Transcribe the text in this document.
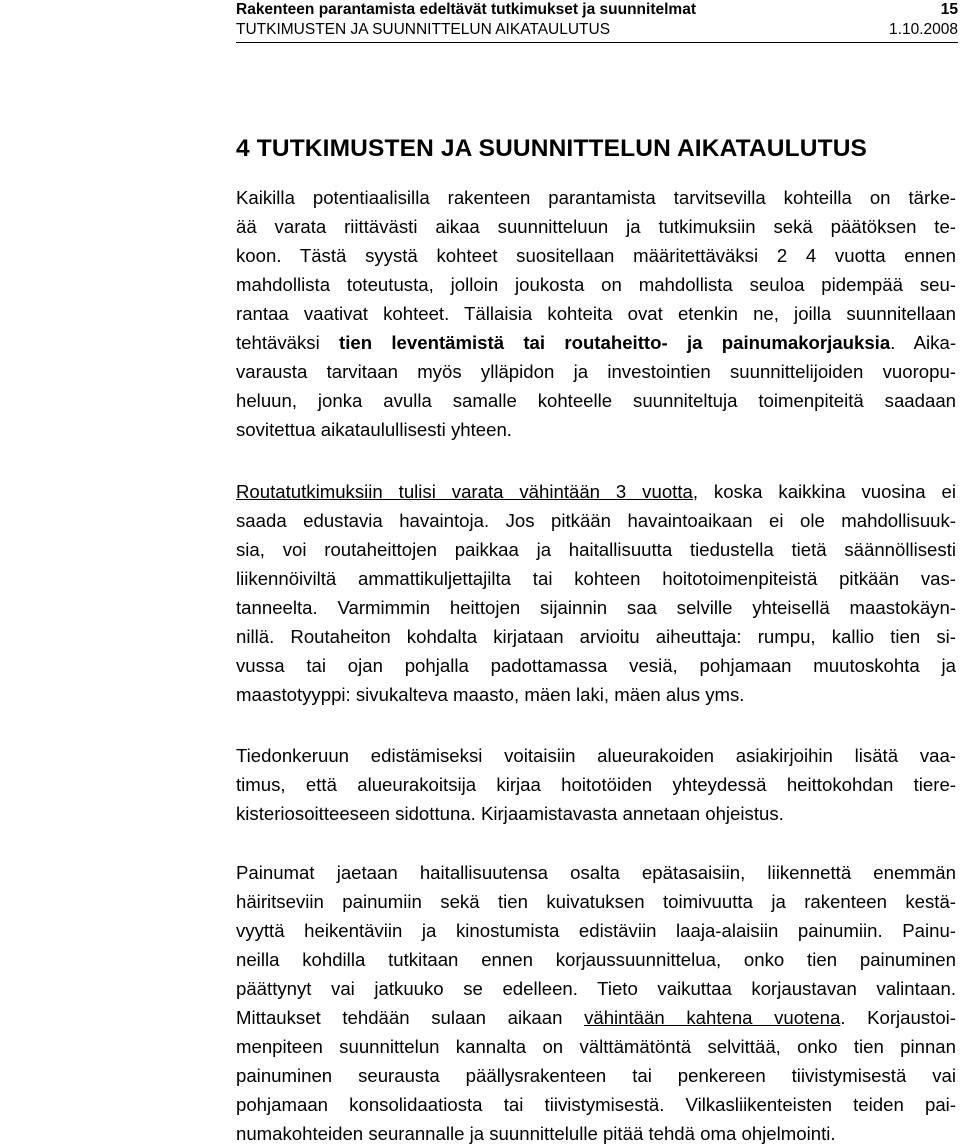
Rakenteen parantamista edeltävät tutkimukset ja suunnitelmat	15
TUTKIMUSTEN JA SUUNNITTELUN AIKATAULUTUS	1.10.2008
4 TUTKIMUSTEN JA SUUNNITTELUN AIKATAULUTUS
Kaikilla potentiaalisilla rakenteen parantamista tarvitsevilla kohteilla on tärke-
ää varata riittävästi aikaa suunnitteluun ja tutkimuksiin sekä päätöksen te-
koon. Tästä syystä kohteet suositellaan määritettäväksi 2 4 vuotta ennen
mahdollista toteutusta, jolloin joukosta on mahdollista seuloa pidempää seu-
rantaa vaativat kohteet. Tällaisia kohteita ovat etenkin ne, joilla suunnitellaan
tehtäväksi tien leventämistä tai routaheitto- ja painumakorjauksia. Aika-
varausta tarvitaan myös ylläpidon ja investointien suunnittelijoiden vuoropu-
heluun, jonka avulla samalle kohteelle suunniteltuja toimenpiteitä saadaan
sovitettua aikataulullisesti yhteen.
Routatutkimuksiin tulisi varata vähintään 3 vuotta, koska kaikkina vuosina ei
saada edustavia havaintoja. Jos pitkään havaintoaikaan ei ole mahdollisuuk-
sia, voi routaheittojen paikkaa ja haitallisuutta tiedustella tietä säännöllisesti
liikennöiviltä ammattikuljettajilta tai kohteen hoitotoimenpiteistä pitkään vas-
tanneelta. Varmimmin heittojen sijainnin saa selville yhteisellä maastokäyn-
nillä. Routaheiton kohdalta kirjataan arvioitu aiheuttaja: rumpu, kallio tien si-
vussa tai ojan pohjalla padottamassa vesiä, pohjamaan muutoskohta ja
maastotyyppi: sivukalteva maasto, mäen laki, mäen alus yms.
Tiedonkeruun edistämiseksi voitaisiin alueurakoiden asiakirjoihin lisätä vaa-
timus, että alueurakoitsija kirjaa hoitotöiden yhteydessä heittokohdan tiere-
kisteriosoitteeseen sidottuna. Kirjaamistavasta annetaan ohjeistus.
Painumat jaetaan haitallisuutensa osalta epätasaisiin, liikennettä enemmän
häiritseviin painumiin sekä tien kuivatuksen toimivuutta ja rakenteen kestä-
vyyttä heikentäviin ja kinostumista edistäviin laaja-alaisiin painumiin. Painu-
neilla kohdilla tutkitaan ennen korjaussuunnittelua, onko tien painuminen
päättynyt vai jatkuuko se edelleen. Tieto vaikuttaa korjaustavan valintaan.
Mittaukset tehdään sulaan aikaan vähintään kahtena vuotena. Korjaustoi-
menpiteen suunnittelun kannalta on välttämätöntä selvittää, onko tien pinnan
painuminen seurausta päällysrakenteen tai penkereen tiivistymisestä vai
pohjamaan konsolidaatiosta tai tiivistymisestä. Vilkasliikenteisten teiden pai-
numakohteiden seurannalle ja suunnittelulle pitää tehdä oma ohjelmointi.
